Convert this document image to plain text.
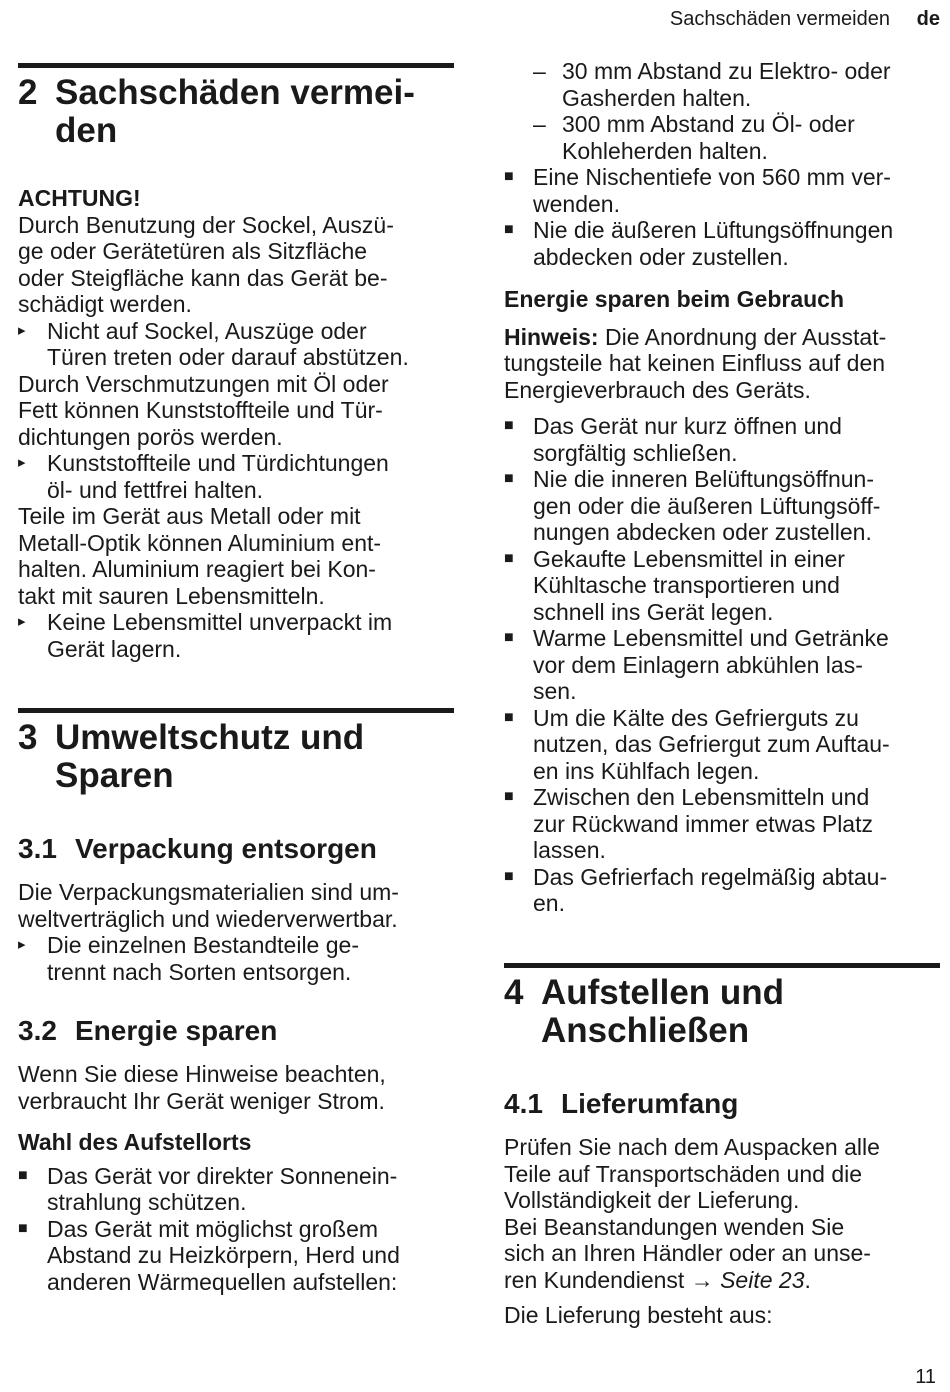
Sachschäden vermeiden de
2 Sachschäden vermei-
den

ACHTUNG!

Durch Benutzung der Sockel, Auszü-
ge oder Gerätetüren als Sitzfläche
oder Steigfläche kann das Gerät be-
schädigt werden.

▸ Nicht auf Sockel, Auszüge oder
Türen treten oder darauf abstützen.

Durch Verschmutzungen mit Öl oder
Fett können Kunststoffteile und Tür-
dichtungen porös werden.

▸ Kunststoffteile und Türdichtungen
öl- und fettfrei halten.

Teile im Gerät aus Metall oder mit
Metall-Optik können Aluminium ent-
halten. Aluminium reagiert bei Kon-
takt mit sauren Lebensmitteln.

▸ Keine Lebensmittel unverpackt im
Gerät lagern.
3 Umweltschutz und
Sparen
3.1 Verpackung entsorgen

Die Verpackungsmaterialien sind um-
weltverträglich und wiederverwertbar.

▸ Die einzelnen Bestandteile ge-
trennt nach Sorten entsorgen.
3.2 Energie sparen

Wenn Sie diese Hinweise beachten,
verbraucht Ihr Gerät weniger Strom.

Wahl des Aufstellorts

■ Das Gerät vor direkter Sonnenein-
strahlung schützen.
■ Das Gerät mit möglichst großem
Abstand zu Heizkörpern, Herd und
anderen Wärmequellen aufstellen:
– 30 mm Abstand zu Elektro- oder
Gasherden halten.
– 300 mm Abstand zu Öl- oder
Kohleherden halten.
■ Eine Nischentiefe von 560 mm ver-
wenden.
■ Nie die äußeren Lüftungsöffnungen
abdecken oder zustellen.

Energie sparen beim Gebrauch

Hinweis: Die Anordnung der Ausstat-
tungsteile hat keinen Einfluss auf den
Energieverbrauch des Geräts.

■ Das Gerät nur kurz öffnen und
sorgfältig schließen.
■ Nie die inneren Belüftungsöffnun-
gen oder die äußeren Lüftungsöff-
nungen abdecken oder zustellen.
■ Gekaufte Lebensmittel in einer
Kühltasche transportieren und
schnell ins Gerät legen.
■ Warme Lebensmittel und Getränke
vor dem Einlagern abkühlen las-
sen.
■ Um die Kälte des Gefrierguts zu
nutzen, das Gefriergut zum Auftau-
en ins Kühlfach legen.
■ Zwischen den Lebensmitteln und
zur Rückwand immer etwas Platz
lassen.
■ Das Gefrierfach regelmäßig abtau-
en.
4 Aufstellen und
Anschließen
4.1 Lieferumfang

Prüfen Sie nach dem Auspacken alle
Teile auf Transportschäden und die
Vollständigkeit der Lieferung.
Bei Beanstandungen wenden Sie
sich an Ihren Händler oder an unse-
ren Kundendienst → Seite 23.

Die Lieferung besteht aus:

11
